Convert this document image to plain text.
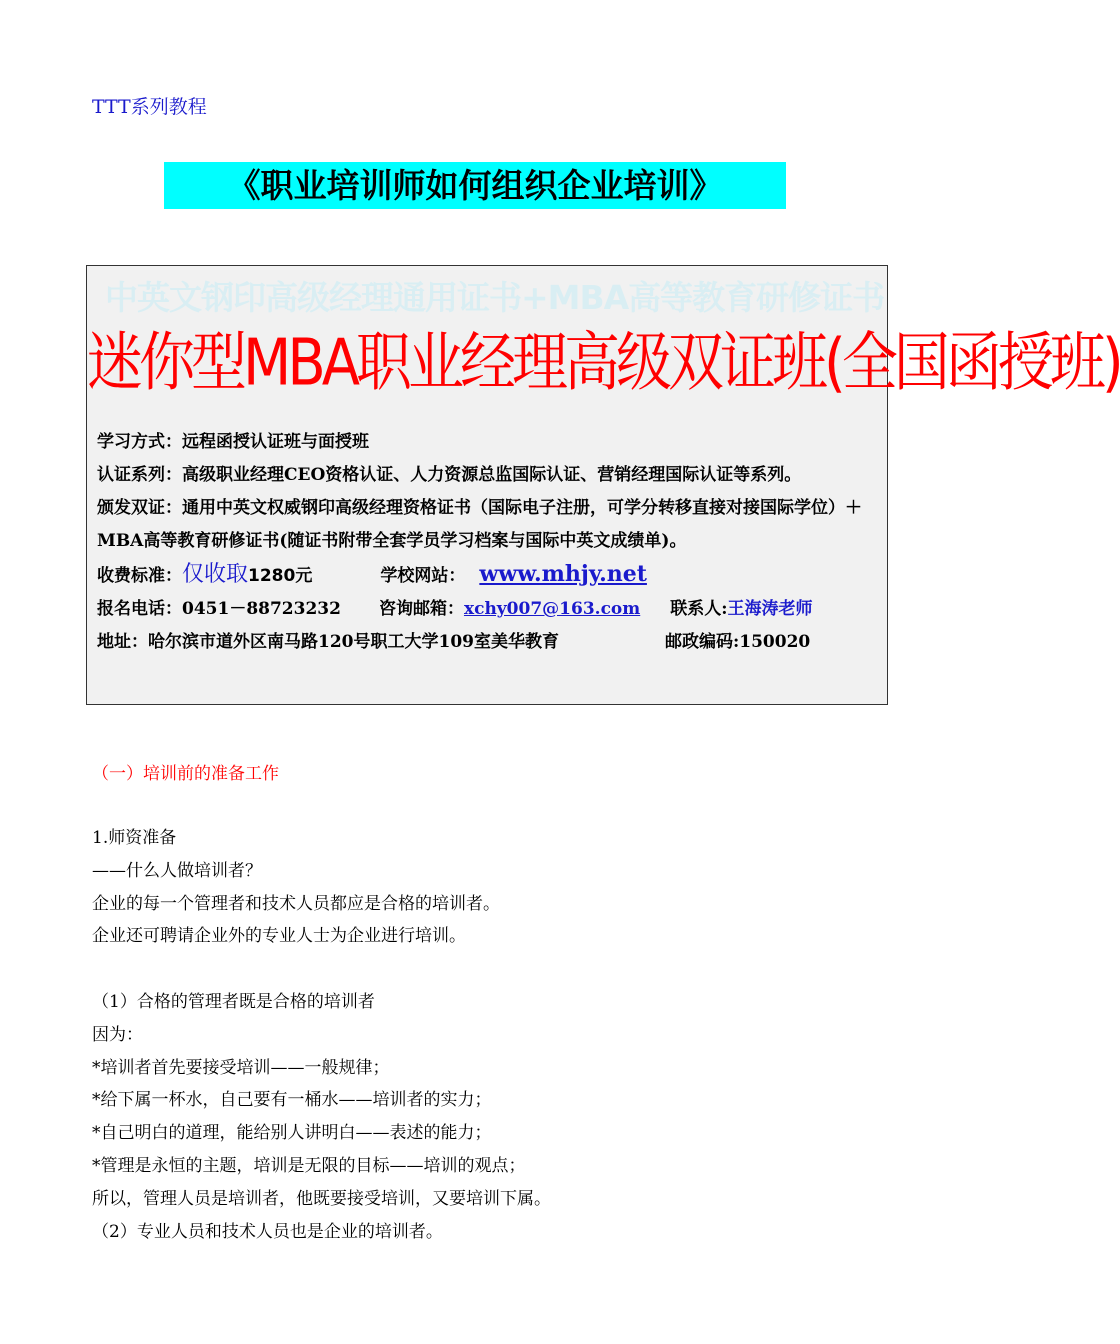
TTT系列教程
《职业培训师如何组织企业培训》
中英文钢印高级经理通用证书+MBA高等教育研修证书
迷你型MBA职业经理高级双证班(全国函授班)

学习方式：远程函授认证班与面授班

认证系列：高级职业经理CEO资格认证、人力资源总监国际认证、营销经理国际认证等系列。

颁发双证：通用中英文权威钢印高级经理资格证书（国际电子注册，可学分转移直接对接国际学位）＋MBA高等教育研修证书(随证书附带全套学员学习档案与国际中英文成绩单)。

收费标准： 仅收取 1280元	学校网站： www.mhjy.net
报名电话：0451－88723232 咨询邮箱： xchy007@163.com 联系人: 王海涛老师
地址：哈尔滨市道外区南马路120号职工大学109室美华教育	邮政编码:150020
（一）培训前的准备工作

1.师资准备

——什么人做培训者？

企业的每一个管理者和技术人员都应是合格的培训者。

企业还可聘请企业外的专业人士为企业进行培训。

（1）合格的管理者既是合格的培训者

因为：

*培训者首先要接受培训——一般规律；

*给下属一杯水，自己要有一桶水——培训者的实力；

*自己明白的道理，能给别人讲明白——表述的能力；

*管理是永恒的主题，培训是无限的目标——培训的观点；

所以，管理人员是培训者，他既要接受培训，又要培训下属。

（2）专业人员和技术人员也是企业的培训者。
